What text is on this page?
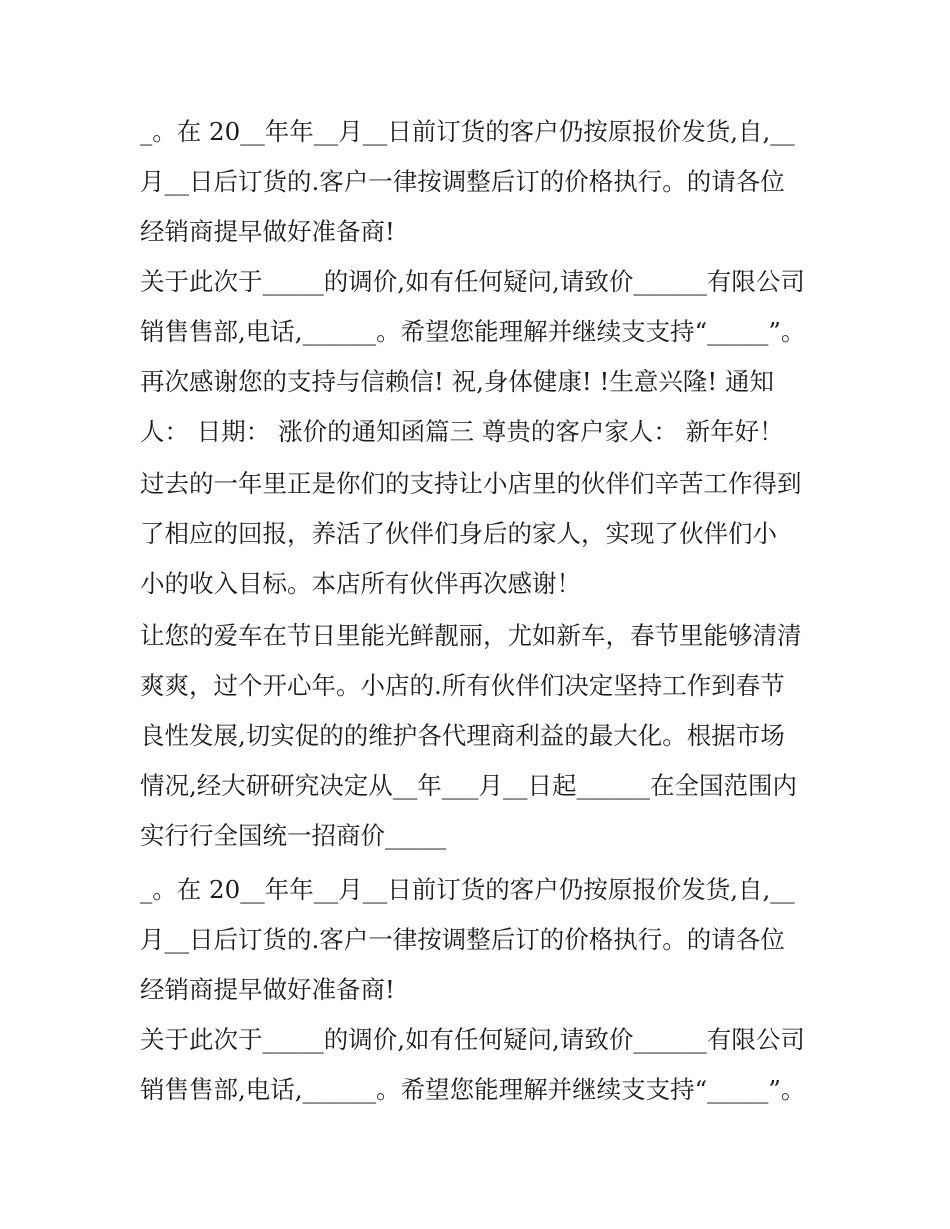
_。在 20__年年__月__日前订货的客户仍按原报价发货,自,__
月__日后订货的.客户一律按调整后订的价格执行。的请各位
经销商提早做好准备商!
关于此次于_____的调价,如有任何疑问,请致价______有限公司
销售售部,电话,______。希望您能理解并继续支支持“_____”。
再次感谢您的支持与信赖信! 祝,身体健康! !生意兴隆! 通知
人： 日期： 涨价的通知函篇三 尊贵的客户家人： 新年好！
过去的一年里正是你们的支持让小店里的伙伴们辛苦工作得到
了相应的回报，养活了伙伴们身后的家人，实现了伙伴们小
小的收入目标。本店所有伙伴再次感谢！
让您的爱车在节日里能光鲜靓丽，尤如新车，春节里能够清清
爽爽，过个开心年。小店的.所有伙伴们决定坚持工作到春节
良性发展,切实促的的维护各代理商利益的最大化。根据市场
情况,经大研研究决定从__年___月__日起______在全国范围内
实行行全国统一招商价_____
_。在 20__年年__月__日前订货的客户仍按原报价发货,自,__
月__日后订货的.客户一律按调整后订的价格执行。的请各位
经销商提早做好准备商!
关于此次于_____的调价,如有任何疑问,请致价______有限公司
销售售部,电话,______。希望您能理解并继续支支持“_____”。
